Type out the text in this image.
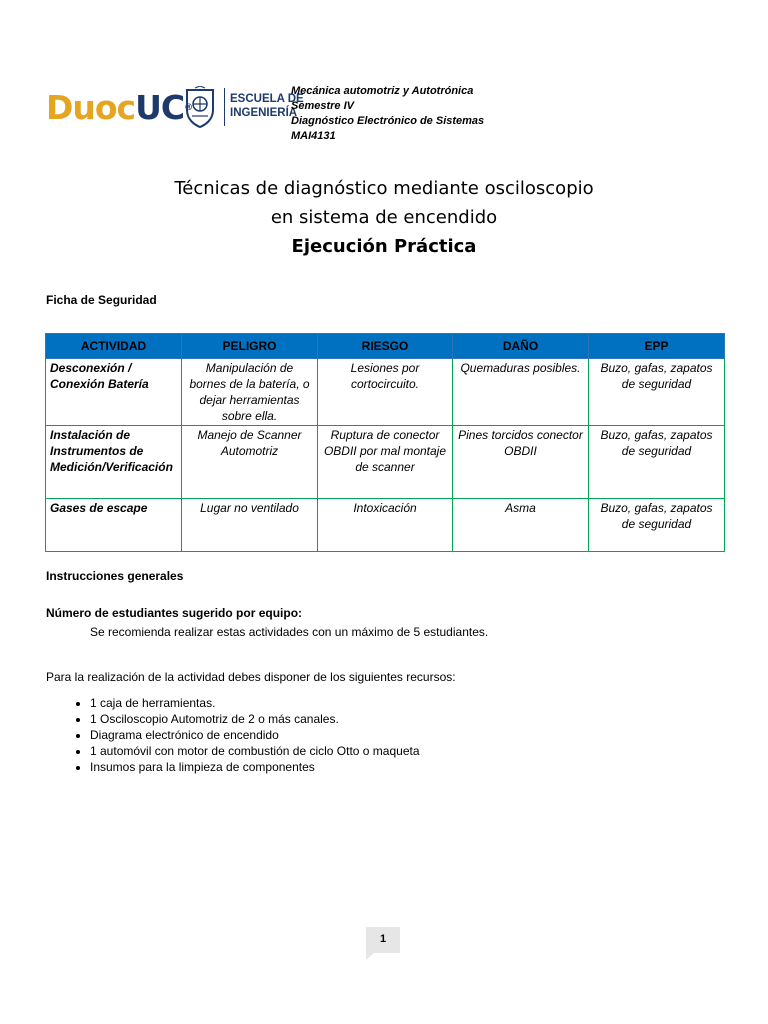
DuocUC®
ESCUELA DE
INGENIERÍA
Mecánica automotriz y Autotrónica
Semestre IV
Diagnóstico Electrónico de Sistemas
MAI4131
Técnicas de diagnóstico mediante osciloscopio
en sistema de encendido
Ejecución Práctica
Ficha de Seguridad
ACTIVIDAD	PELIGRO	RIESGO	DAÑO	EPP
Desconexión / Conexión Batería	Manipulación de bornes de la batería, o dejar herramientas sobre ella.	Lesiones por cortocircuito.	Quemaduras posibles.	Buzo, gafas, zapatos de seguridad
Instalación de Instrumentos de Medición/Verificación	Manejo de Scanner Automotriz	Ruptura de conector OBDII por mal montaje de scanner	Pines torcidos conector OBDII	Buzo, gafas, zapatos de seguridad
Gases de escape	Lugar no ventilado	Intoxicación	Asma	Buzo, gafas, zapatos de seguridad
Instrucciones generales
Número de estudiantes sugerido por equipo:
Se recomienda realizar estas actividades con un máximo de 5 estudiantes.
Para la realización de la actividad debes disponer de los siguientes recursos:
• 1 caja de herramientas.
• 1 Osciloscopio Automotriz de 2 o más canales.
• Diagrama electrónico de encendido
• 1 automóvil con motor de combustión de ciclo Otto o maqueta
• Insumos para la limpieza de componentes
1
